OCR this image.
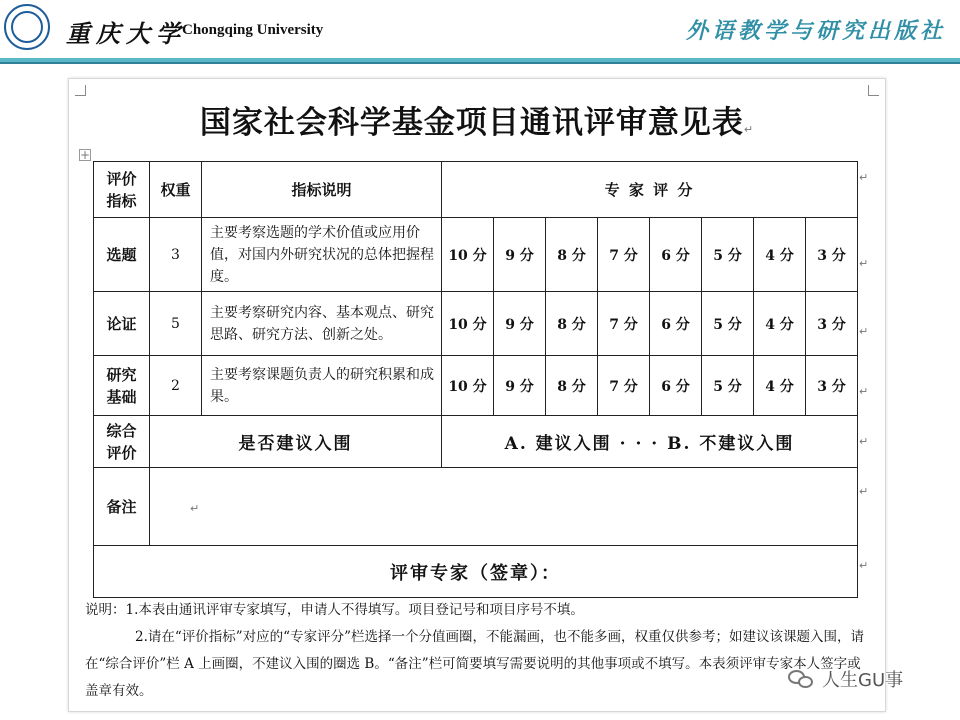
重庆大学
Chongqing University	外语教学与研究出版社
国家社会科学基金项目通讯评审意见表↵
+
评价
指标	权重	指标说明	专 家 评 分							
选题	3	主要考察选题的学术价值或应用价值，对国内外研究状况的总体把握程度。	10 分	9 分	8 分	7 分	6 分	5 分	4 分	3 分
论证	5	主要考察研究内容、基本观点、研究思路、研究方法、创新之处。	10 分	9 分	8 分	7 分	6 分	5 分	4 分	3 分

研究
基础	2	主要考察课题负责人的研究积累和成果。	10 分	9 分	8 分	7 分	6 分	5 分	4 分	3 分

综合
评价	是否建议入围		A. 建议入围 · · · B. 不建议入围							
备注	↵									
评审专家（签章）：										
↵
↵
↵
↵
↵
↵
↵

说明：1.本表由通讯评审专家填写，申请人不得填写。项目登记号和项目序号不填。

2.请在“评价指标”对应的“专家评分”栏选择一个分值画圈，不能漏画，也不能多画，权重仅供参考；如建议该课题入围，请在“综合评价”栏 A 上画圈，不建议入围的圈选 B。“备注”栏可简要填写需要说明的其他事项或不填写。本表须评审专家本人签字或盖章有效。	人生GU事
